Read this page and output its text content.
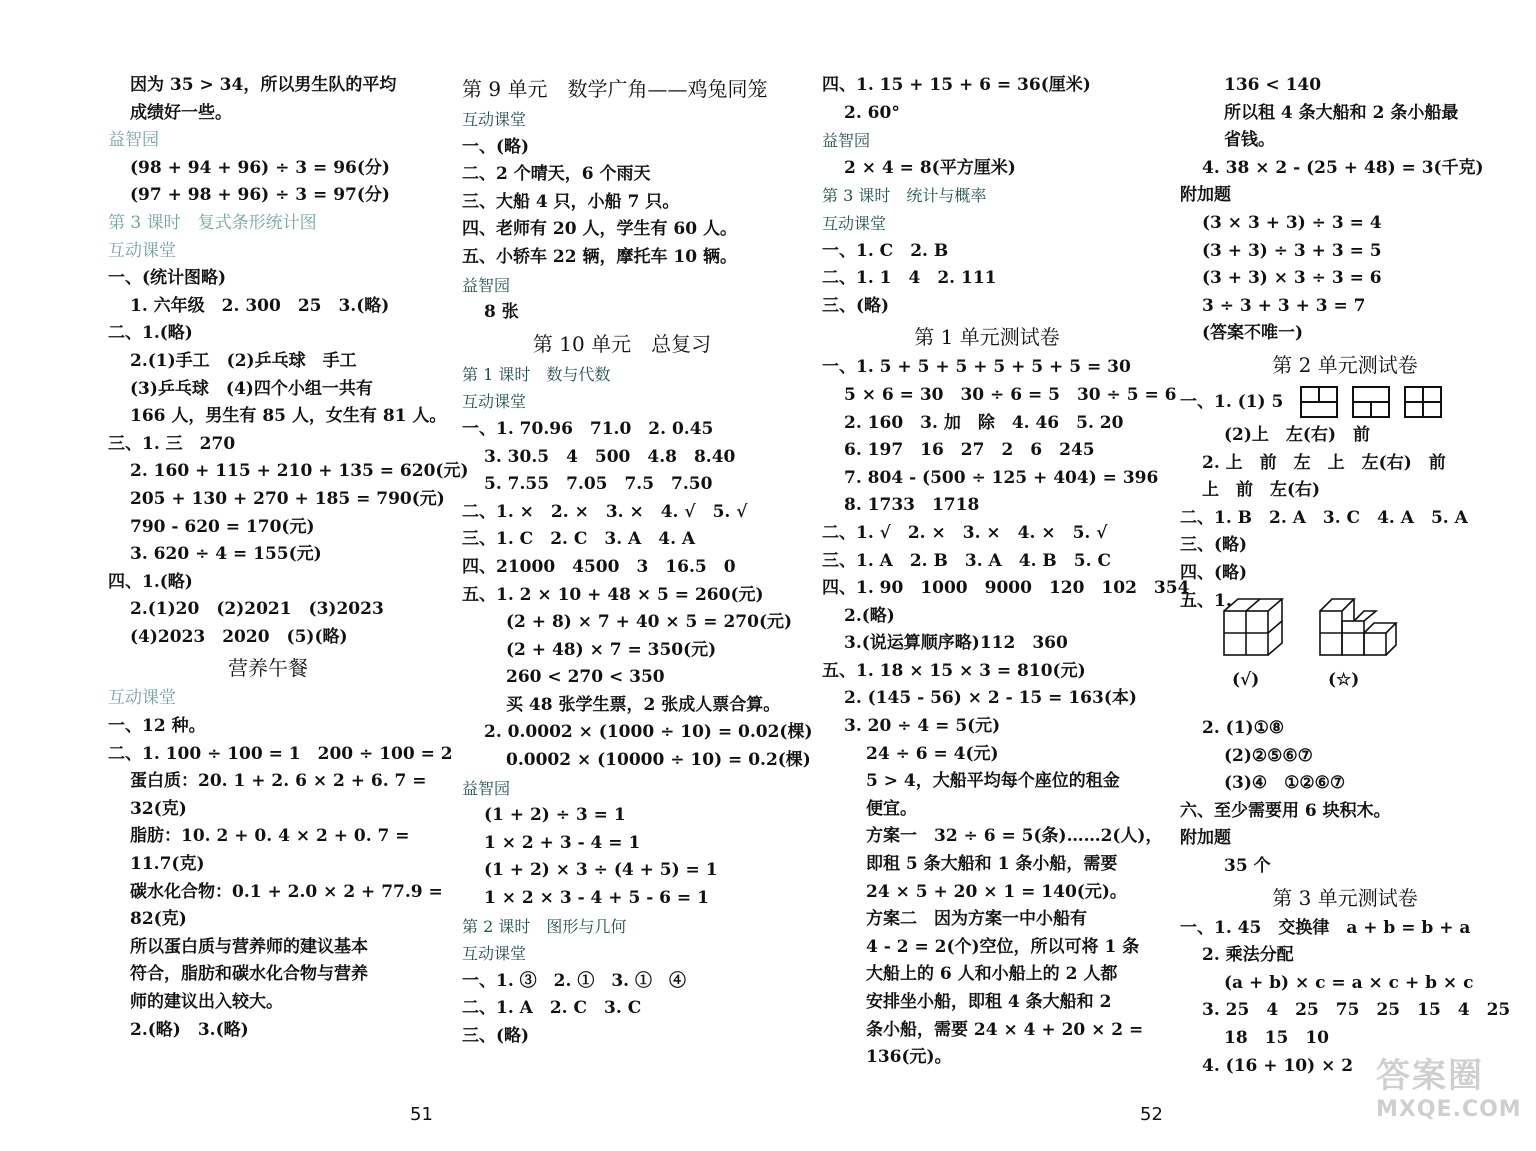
因为 35 > 34，所以男生队的平均
成绩好一些。
益智园
(98 + 94 + 96) ÷ 3 = 96(分)
(97 + 98 + 96) ÷ 3 = 97(分)
第 3 课时　复式条形统计图
互动课堂
一、(统计图略)
1. 六年级　2. 300　25　3.(略)
二、1.(略)
2.(1)手工　(2)乒乓球　手工
(3)乒乓球　(4)四个小组一共有
166 人，男生有 85 人，女生有 81 人。
三、1. 三　270
2. 160 + 115 + 210 + 135 = 620(元)
205 + 130 + 270 + 185 = 790(元)
790 - 620 = 170(元)
3. 620 ÷ 4 = 155(元)
四、1.(略)
2.(1)20　(2)2021　(3)2023
(4)2023　2020　(5)(略)
营养午餐
互动课堂
一、12 种。
二、1. 100 ÷ 100 = 1　200 ÷ 100 = 2
蛋白质：20. 1 + 2. 6 × 2 + 6. 7 =
32(克)
脂肪：10. 2 + 0. 4 × 2 + 0. 7 =
11.7(克)
碳水化合物：0.1 + 2.0 × 2 + 77.9 =
82(克)
所以蛋白质与营养师的建议基本
符合，脂肪和碳水化合物与营养
师的建议出入较大。
2.(略)　3.(略)
第 9 单元　数学广角——鸡兔同笼
互动课堂
一、(略)
二、2 个晴天，6 个雨天
三、大船 4 只，小船 7 只。
四、老师有 20 人，学生有 60 人。
五、小轿车 22 辆，摩托车 10 辆。
益智园
8 张
第 10 单元　总复习
第 1 课时　数与代数
互动课堂
一、1. 70.96　71.0　2. 0.45
3. 30.5　4　500　4.8　8.40
5. 7.55　7.05　7.5　7.50
二、1. ×　2. ×　3. ×　4. √　5. √
三、1. C　2. C　3. A　4. A
四、21000　4500　3　16.5　0
五、1. 2 × 10 + 48 × 5 = 260(元)
(2 + 8) × 7 + 40 × 5 = 270(元)
(2 + 48) × 7 = 350(元)
260 < 270 < 350
买 48 张学生票，2 张成人票合算。
2. 0.0002 × (1000 ÷ 10) = 0.02(棵)
0.0002 × (10000 ÷ 10) = 0.2(棵)
益智园
(1 + 2) ÷ 3 = 1
1 × 2 + 3 - 4 = 1
(1 + 2) × 3 ÷ (4 + 5) = 1
1 × 2 × 3 - 4 + 5 - 6 = 1
第 2 课时　图形与几何
互动课堂
一、1. ③　2. ①　3. ①　④
二、1. A　2. C　3. C
三、(略)
四、1. 15 + 15 + 6 = 36(厘米)
2. 60°
益智园
2 × 4 = 8(平方厘米)
第 3 课时　统计与概率
互动课堂
一、1. C　2. B
二、1. 1　4　2. 111
三、(略)
第 1 单元测试卷
一、1. 5 + 5 + 5 + 5 + 5 + 5 = 30
5 × 6 = 30　30 ÷ 6 = 5　30 ÷ 5 = 6
2. 160　3. 加　除　4. 46　5. 20
6. 197　16　27　2　6　245
7. 804 - (500 ÷ 125 + 404) = 396
8. 1733　1718
二、1. √　2. ×　3. ×　4. ×　5. √
三、1. A　2. B　3. A　4. B　5. C
四、1. 90　1000　9000　120　102　354
2.(略)
3.(说运算顺序略)112　360
五、1. 18 × 15 × 3 = 810(元)
2. (145 - 56) × 2 - 15 = 163(本)
3. 20 ÷ 4 = 5(元)
24 ÷ 6 = 4(元)
5 > 4，大船平均每个座位的租金
便宜。
方案一　32 ÷ 6 = 5(条)……2(人)，
即租 5 条大船和 1 条小船，需要
24 × 5 + 20 × 1 = 140(元)。
方案二　因为方案一中小船有
4 - 2 = 2(个)空位，所以可将 1 条
大船上的 6 人和小船上的 2 人都
安排坐小船，即租 4 条大船和 2
条小船，需要 24 × 4 + 20 × 2 =
136(元)。
136 < 140
所以租 4 条大船和 2 条小船最
省钱。
4. 38 × 2 - (25 + 48) = 3(千克)
附加题
(3 × 3 + 3) ÷ 3 = 4
(3 + 3) ÷ 3 + 3 = 5
(3 + 3) × 3 ÷ 3 = 6
3 ÷ 3 + 3 + 3 = 7
(答案不唯一)
第 2 单元测试卷
一、1. (1) 5
(2)上　左(右)　前
2. 上　前　左　上　左(右)　前
上　前　左(右)
二、1. B　2. A　3. C　4. A　5. A
三、(略)
四、(略)
五、1.
(√)	(☆)
2. (1)①⑧
(2)②⑤⑥⑦
(3)④　①②⑥⑦
六、至少需要用 6 块积木。
附加题
35 个
第 3 单元测试卷
一、1. 45　交换律　a + b = b + a
2. 乘法分配
(a + b) × c = a × c + b × c
3. 25　4　25　75　25　15　4　25
18　15　10
4. (16 + 10) × 2
51	52
答案圈
MXQE.COM
